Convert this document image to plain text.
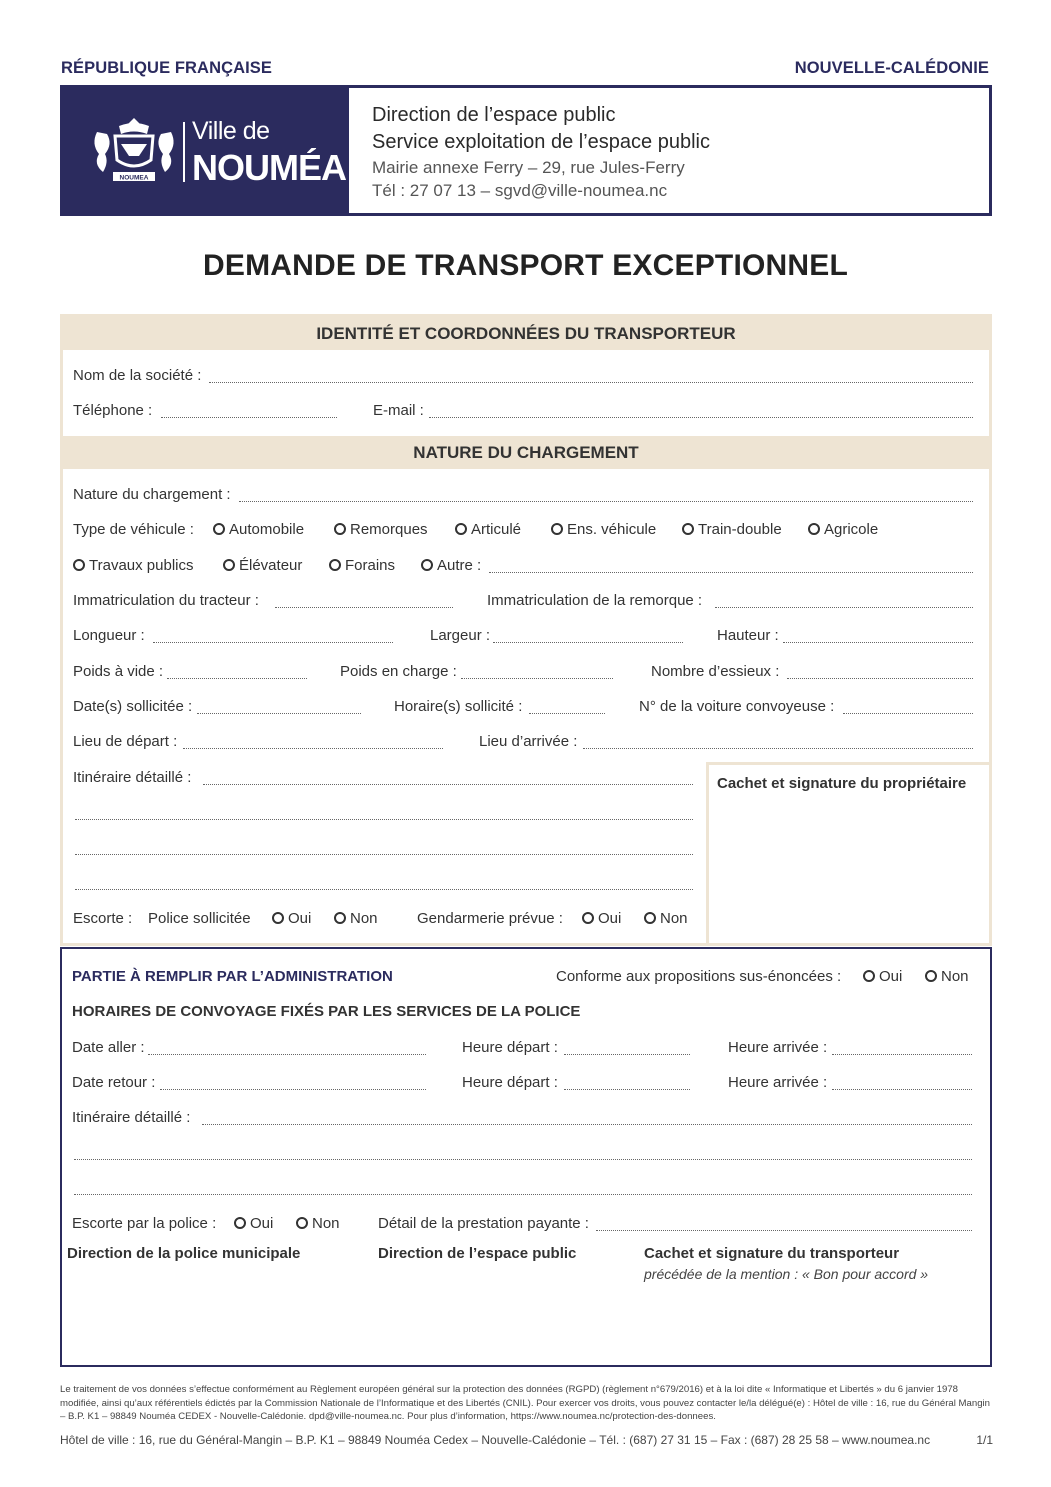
RÉPUBLIQUE FRANÇAISE	NOUVELLE-CALÉDONIE
NOUMEA
Ville de
NOUMÉA
Direction de l’espace public
Service exploitation de l’espace public
Mairie annexe Ferry – 29, rue Jules-Ferry
Tél : 27 07 13 – sgvd@ville-noumea.nc
DEMANDE DE TRANSPORT EXCEPTIONNEL
IDENTITÉ ET COORDONNÉES DU TRANSPORTEUR
Nom de la société :
Téléphone :	E-mail :
NATURE DU CHARGEMENT
Nature du chargement :
Type de véhicule :	Automobile	Remorques	Articulé	Ens. véhicule	Train-double	Agricole
Travaux publics	Élévateur	Forains	Autre :
Immatriculation du tracteur :	Immatriculation de la remorque :
Longueur :	Largeur :	Hauteur :
Poids à vide :	Poids en charge :	Nombre d’essieux :
Date(s) sollicitée :	Horaire(s) sollicité :	N° de la voiture convoyeuse :
Lieu de départ :	Lieu d’arrivée :
Itinéraire détaillé :
Escorte : Police sollicitée	Oui	Non	Gendarmerie prévue :	Oui	Non
Cachet et signature du propriétaire
PARTIE À REMPLIR PAR L’ADMINISTRATION	Conforme aux propositions sus-énoncées :	Oui	Non
HORAIRES DE CONVOYAGE FIXÉS PAR LES SERVICES DE LA POLICE
Date aller :	Heure départ :	Heure arrivée :
Date retour :	Heure départ :	Heure arrivée :
Itinéraire détaillé :
Escorte par la police :	Oui	Non	Détail de la prestation payante :
Direction de la police municipale	Direction de l’espace public	Cachet et signature du transporteur
précédée de la mention : « Bon pour accord »
Le traitement de vos données s’effectue conformément au Règlement européen général sur la protection des données (RGPD) (règlement n°679/2016) et à la loi dite « Informatique et Libertés » du 6 janvier 1978 modifiée, ainsi qu’aux référentiels édictés par la Commission Nationale de l’Informatique et des Libertés (CNIL). Pour exercer vos droits, vous pouvez contacter le/la délégué(e) : Hôtel de ville : 16, rue du Général Mangin – B.P. K1 – 98849 Nouméa CEDEX - Nouvelle-Calédonie. dpd@ville-noumea.nc. Pour plus d’information, https://www.noumea.nc/protection-des-donnees.
Hôtel de ville : 16, rue du Général-Mangin – B.P. K1 – 98849 Nouméa Cedex – Nouvelle-Calédonie – Tél. : (687) 27 31 15 – Fax : (687) 28 25 58 – www.noumea.nc	1/1
